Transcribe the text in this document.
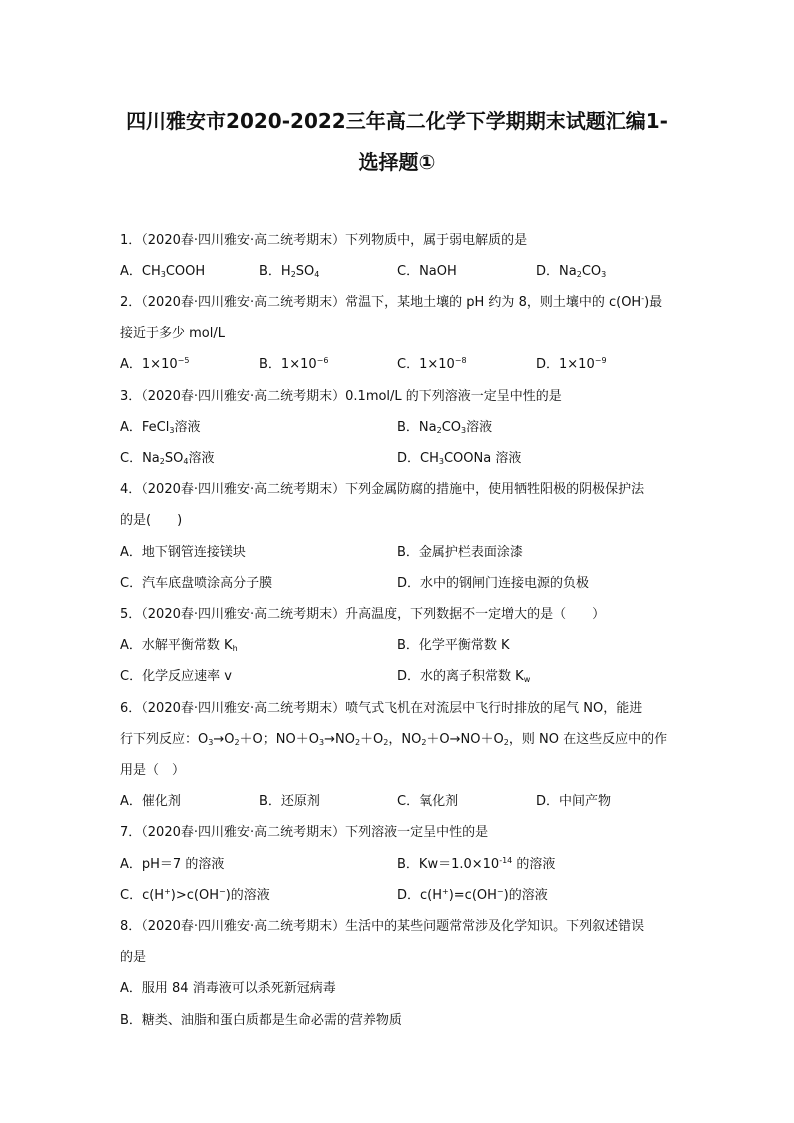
四川雅安市2020-2022三年高二化学下学期期末试题汇编1-
选择题①
1．（2020春·四川雅安·高二统考期末）下列物质中，属于弱电解质的是
A．$CH_3COOH$	B．$H_2SO_4$	C．NaOH	D．$Na_2CO_3$
2．（2020春·四川雅安·高二统考期末）常温下，某地土壤的 pH 约为 8，则土壤中的 c(OH-)最
接近于多少 mol/L
A．$1\times 10^{-5}$	B．$1\times 10^{-6}$	C．$1\times 10^{-8}$	D．$1\times 10^{-9}$
3．（2020春·四川雅安·高二统考期末）0.1mol/L 的下列溶液一定呈中性的是
A．FeCl$_3$溶液	B．$Na_2CO_3$溶液
C．$Na_2SO_4$溶液	D．$CH_3COONa$ 溶液
4．（2020春·四川雅安·高二统考期末）下列金属防腐的措施中，使用牺牲阳极的阴极保护法
的是(　　)
A．地下钢管连接镁块	B．金属护栏表面涂漆
C．汽车底盘喷涂高分子膜	D．水中的钢闸门连接电源的负极
5．（2020春·四川雅安·高二统考期末）升高温度，下列数据不一定增大的是（　　）
A．水解平衡常数 $K_h$	B．化学平衡常数 K
C．化学反应速率 v	D．水的离子积常数 $K_w$
6．（2020春·四川雅安·高二统考期末）喷气式飞机在对流层中飞行时排放的尾气 NO，能进
行下列反应：$O_3\to O_2+O$；$NO+O_3\to NO_2+O_2$，$NO_2+O\to NO+O_2$，则 NO 在这些反应中的作
用是（　）
A．催化剂	B．还原剂	C．氧化剂	D．中间产物
7．（2020春·四川雅安·高二统考期末）下列溶液一定呈中性的是
A．pH＝7 的溶液	B．$Kw=1.0\times 10^{-14}$ 的溶液
C．c(H+)>c(OH−)的溶液	D．c(H+)=c(OH−)的溶液
8．（2020春·四川雅安·高二统考期末）生活中的某些问题常常涉及化学知识。下列叙述错误
的是
A．服用 84 消毒液可以杀死新冠病毒
B．糖类、油脂和蛋白质都是生命必需的营养物质
